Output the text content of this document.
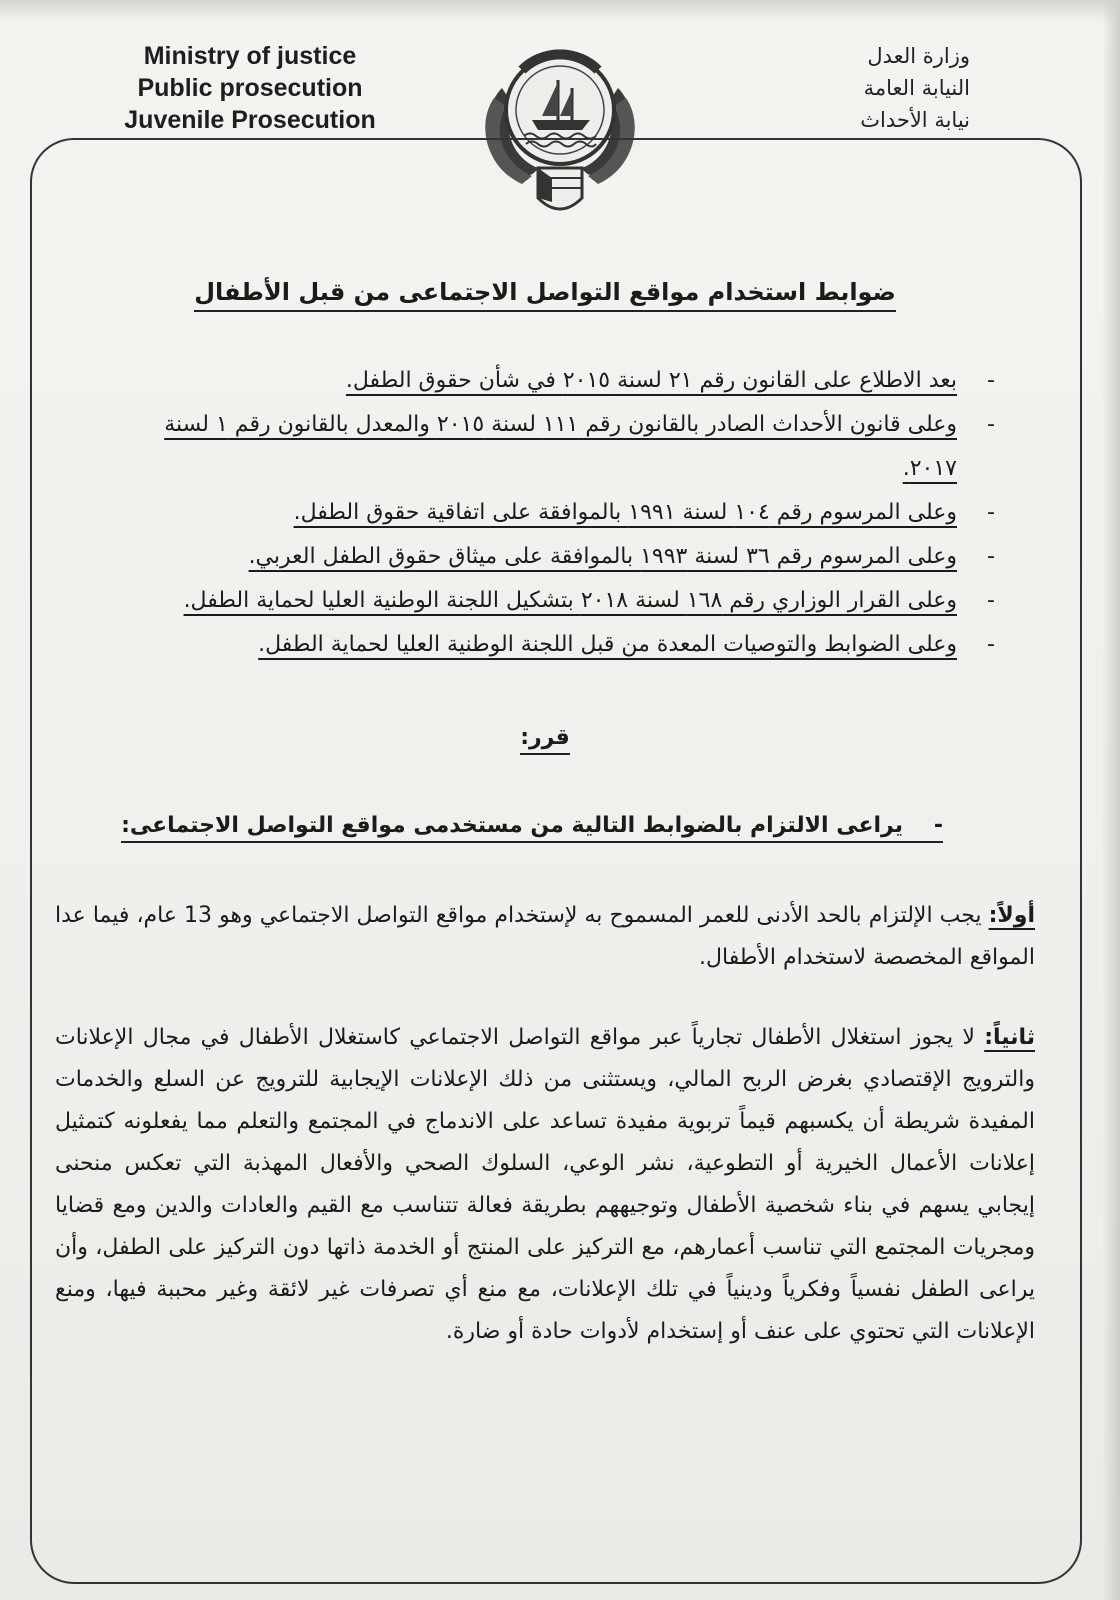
Ministry of justice
Public prosecution
Juvenile Prosecution
وزارة العدل
النيابة العامة
نيابة الأحداث
ضوابط استخدام مواقع التواصل الاجتماعى من قبل الأطفال
-
بعد الاطلاع على القانون رقم ٢١ لسنة ٢٠١٥ في شأن حقوق الطفل.
-
وعلى قانون الأحداث الصادر بالقانون رقم ١١١ لسنة ٢٠١٥ والمعدل بالقانون رقم ١ لسنة ٢٠١٧.
-
وعلى المرسوم رقم ١٠٤ لسنة ١٩٩١ بالموافقة على اتفاقية حقوق الطفل.
-
وعلى المرسوم رقم ٣٦ لسنة ١٩٩٣ بالموافقة على ميثاق حقوق الطفل العربي.
-
وعلى القرار الوزاري رقم ١٦٨ لسنة ٢٠١٨ بتشكيل اللجنة الوطنية العليا لحماية الطفل.
-
وعلى الضوابط والتوصيات المعدة من قبل اللجنة الوطنية العليا لحماية الطفل.
قرر:
-
يراعى الالتزام بالضوابط التالية من مستخدمى مواقع التواصل الاجتماعى:
أولاً: يجب الإلتزام بالحد الأدنى للعمر المسموح به لإستخدام مواقع التواصل الاجتماعي وهو 13 عام، فيما عدا المواقع المخصصة لاستخدام الأطفال.
ثانياً: لا يجوز استغلال الأطفال تجارياً عبر مواقع التواصل الاجتماعي كاستغلال الأطفال في مجال الإعلانات والترويج الإقتصادي بغرض الربح المالي، ويستثنى من ذلك الإعلانات الإيجابية للترويج عن السلع والخدمات المفيدة شريطة أن يكسبهم قيماً تربوية مفيدة تساعد على الاندماج في المجتمع والتعلم مما يفعلونه كتمثيل إعلانات الأعمال الخيرية أو التطوعية، نشر الوعي، السلوك الصحي والأفعال المهذبة التي تعكس منحنى إيجابي يسهم في بناء شخصية الأطفال وتوجيههم بطريقة فعالة تتناسب مع القيم والعادات والدين ومع قضايا ومجريات المجتمع التي تناسب أعمارهم، مع التركيز على المنتج أو الخدمة ذاتها دون التركيز على الطفل، وأن يراعى الطفل نفسياً وفكرياً ودينياً في تلك الإعلانات، مع منع أي تصرفات غير لائقة وغير محببة فيها، ومنع الإعلانات التي تحتوي على عنف أو إستخدام لأدوات حادة أو ضارة.
